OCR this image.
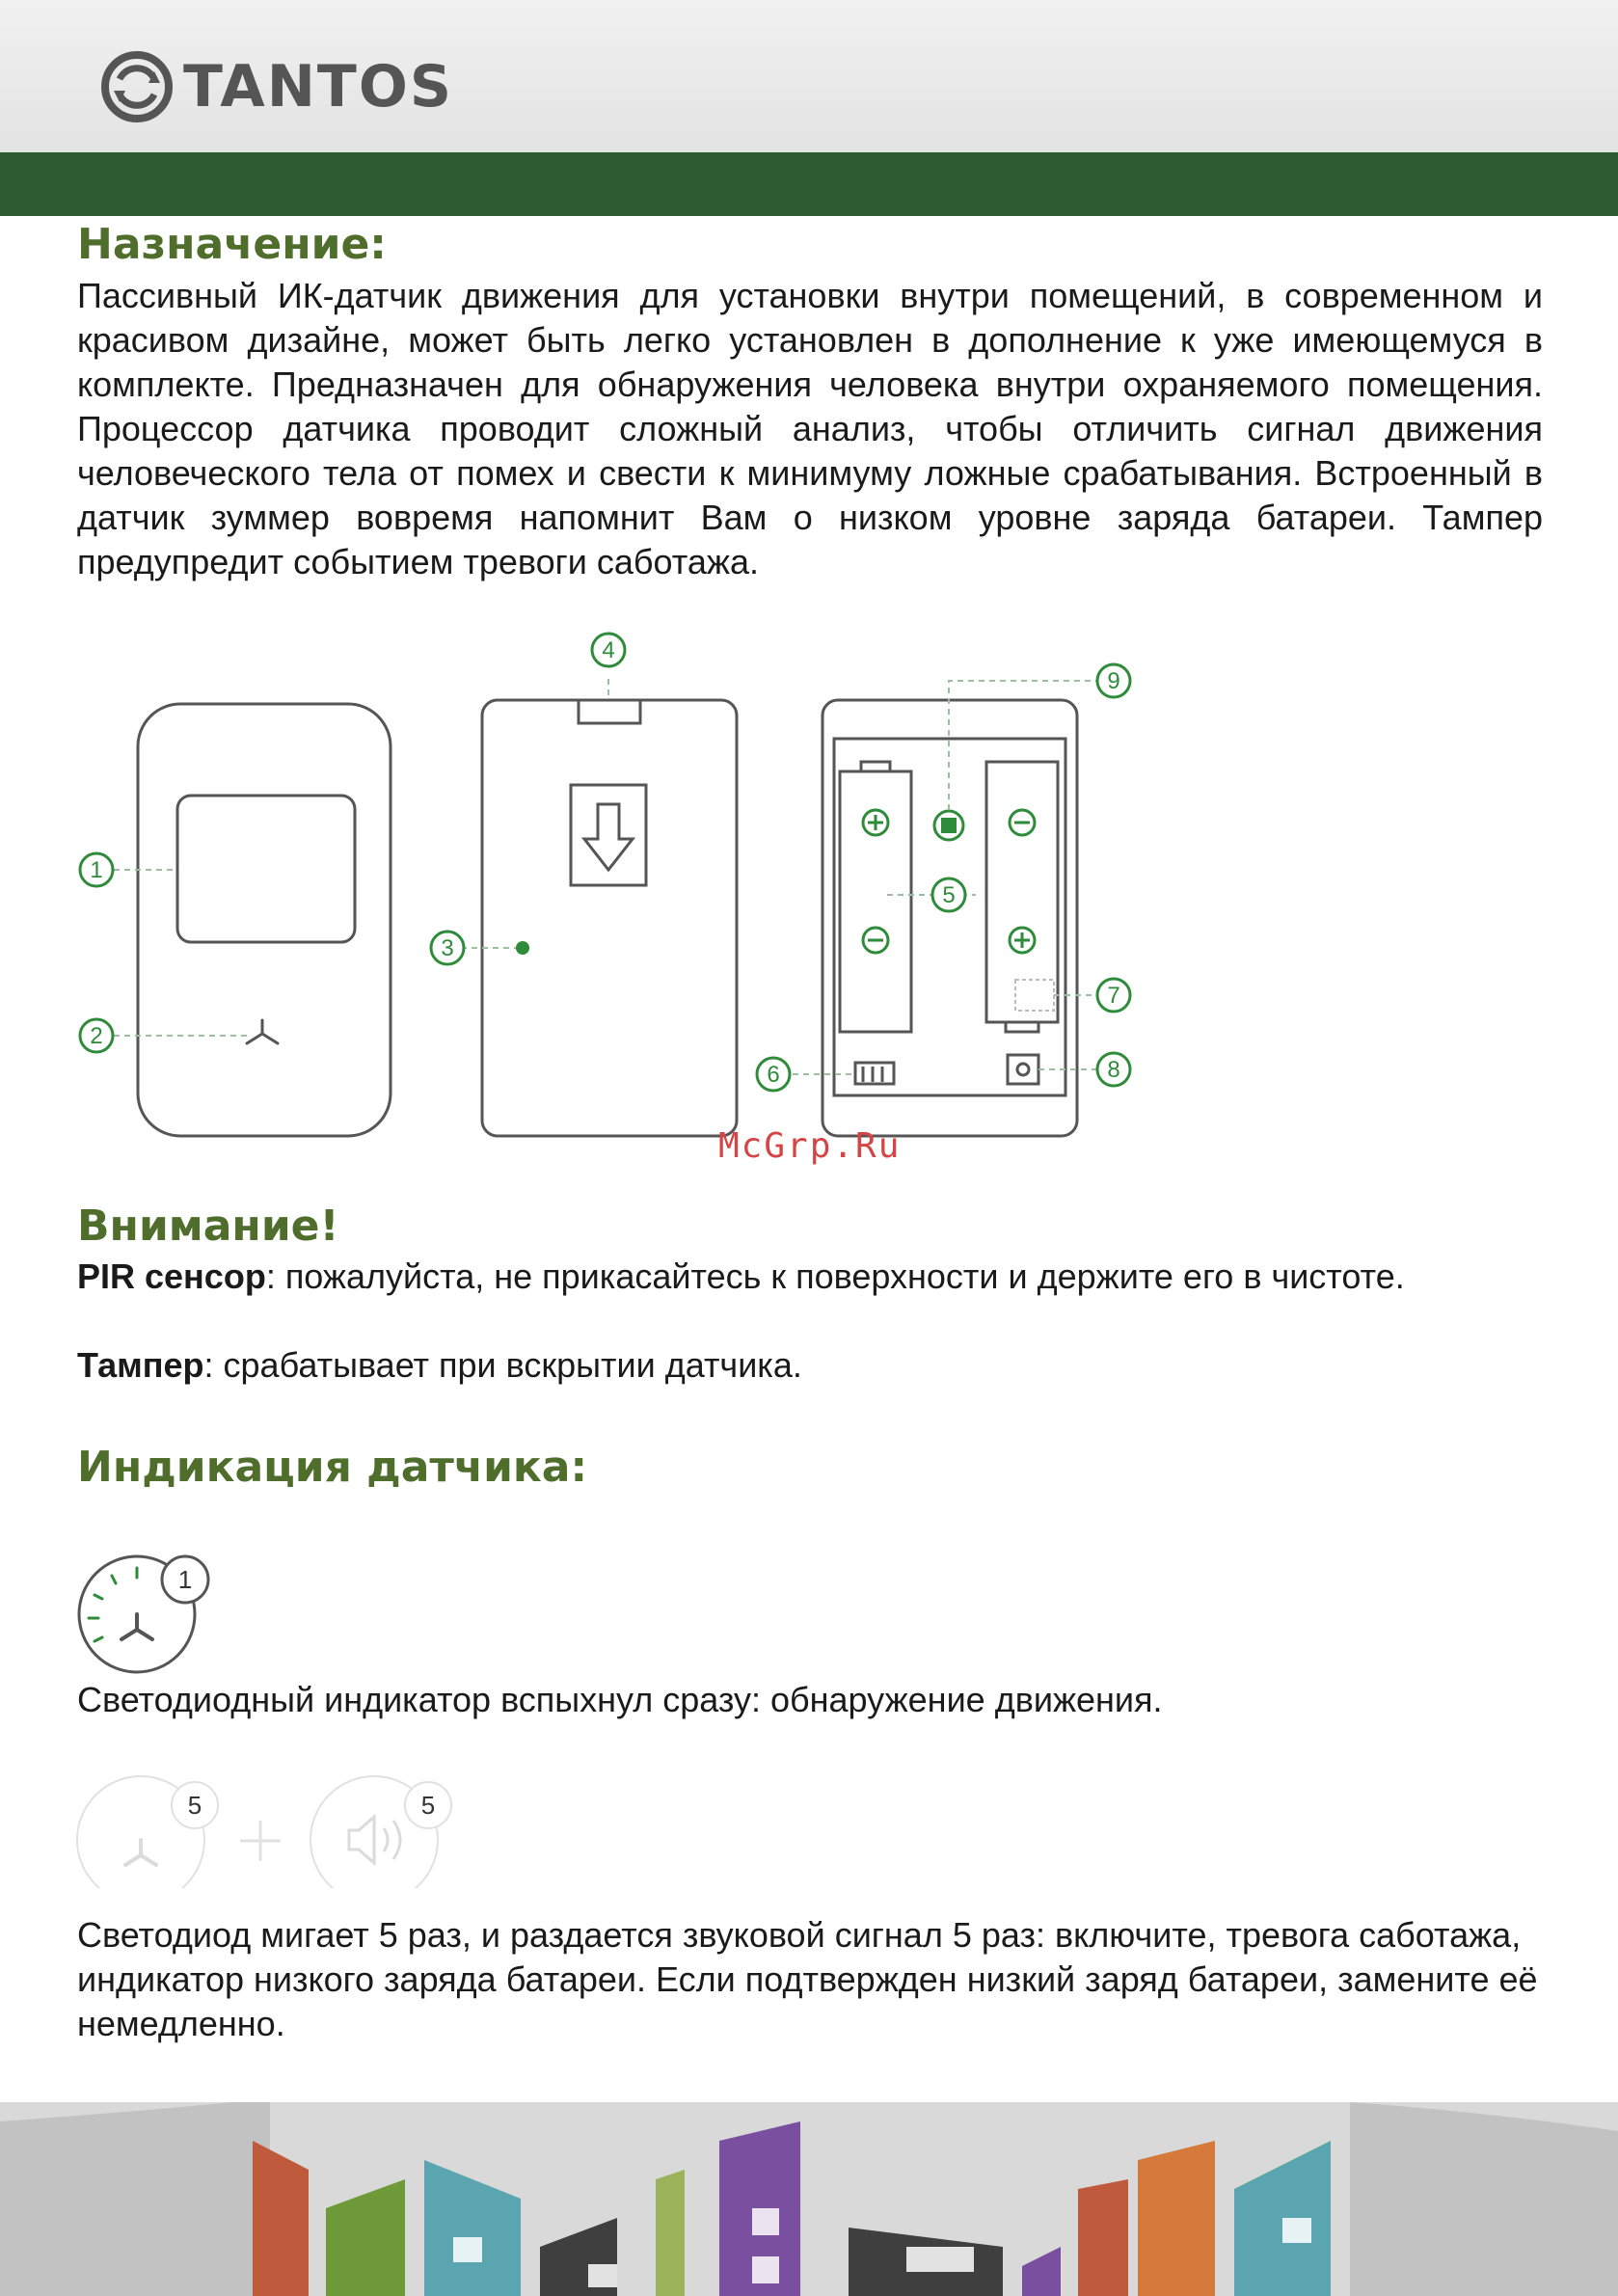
TANTOS
Назначение:

Пассивный ИК-датчик движения для установки внутри помещений, в современном и красивом дизайне, может быть легко установлен в дополнение к уже имеющемуся в комплекте. Предназначен для обнаружения человека внутри охраняемого помещения. Процессор датчика проводит сложный анализ, чтобы отличить сигнал движения человеческого тела от помех и свести к минимуму ложные срабатывания. Встроенный в датчик зуммер вовремя напомнит Вам о низком уровне заряда батареи. Тампер предупредит событием тревоги саботажа.

1
2
3
4
5
6
7
8
9
McGrp.Ru
Внимание!

PIR сенсор: пожалуйста, не прикасайтесь к поверхности и держите его в чистоте.

Тампер: срабатывает при вскрытии датчика.

Индикация датчика:
1

Светодиодный индикатор вспыхнул сразу: обнаружение движения.

5	5

Светодиод мигает 5 раз, и раздается звуковой сигнал 5 раз: включите, тревога саботажа, индикатор низкого заряда батареи. Если подтвержден низкий заряд батареи, замените её немедленно.
